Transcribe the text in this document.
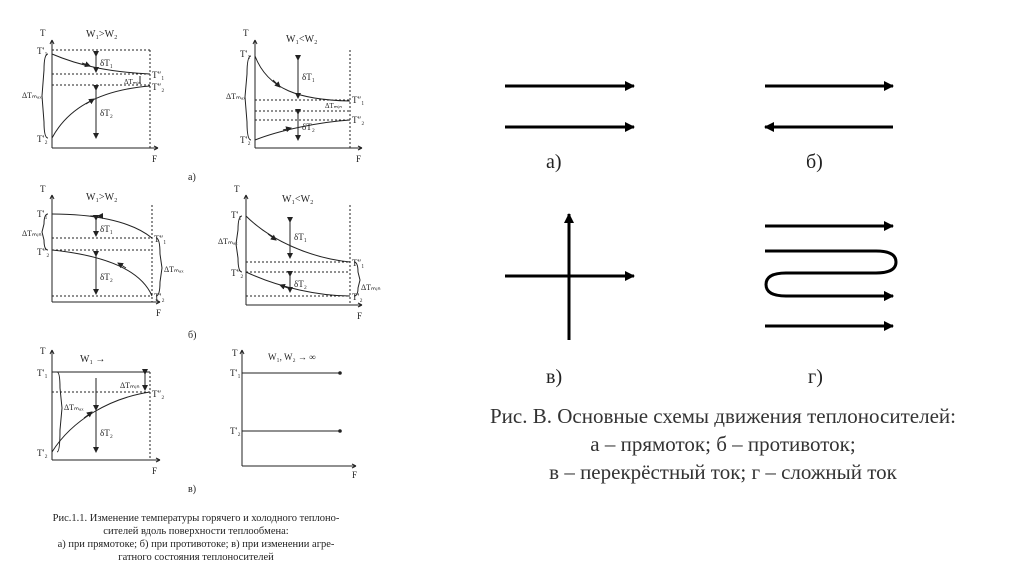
T
F
W₁>W₂
T′₁
T″₁
T′₂
T″₂
δT₁
δT₂
ΔTₘₐₓ
ΔTₘᵢₙ
T
F
W₁<W₂
T′₁
T″₁
T′₂
T″₂
δT₁
δT₂
ΔTₘₐₓ
ΔTₘᵢₙ
а)
T
F
W₁>W₂
T′₁
T″₁
T″₂
T′₂
δT₁
δT₂
ΔTₘᵢₙ
ΔTₘₐₓ
T
F
W₁<W₂
T′₁
T″₁
T″₂
T′₂
δT₁
δT₂
ΔTₘₐₓ
ΔTₘᵢₙ
б)
T
F
W₁ →
T′₁
T′₂
T″₂
δT₂
ΔTₘₐₓ
ΔTₘᵢₙ
T
F
W₁, W₂ → ∞
T′₁
T′₂
в)
а)	б)
в)	г)
Рис.1.1. Изменение температуры горячего и холодного теплоно-
сителей вдоль поверхности теплообмена:
а) при прямотоке; б) при противотоке; в) при изменении агре-
гатного состояния теплоносителей
Рис. В. Основные схемы движения теплоносителей:
а – прямоток; б – противоток;
в – перекрёстный ток; г – сложный ток
